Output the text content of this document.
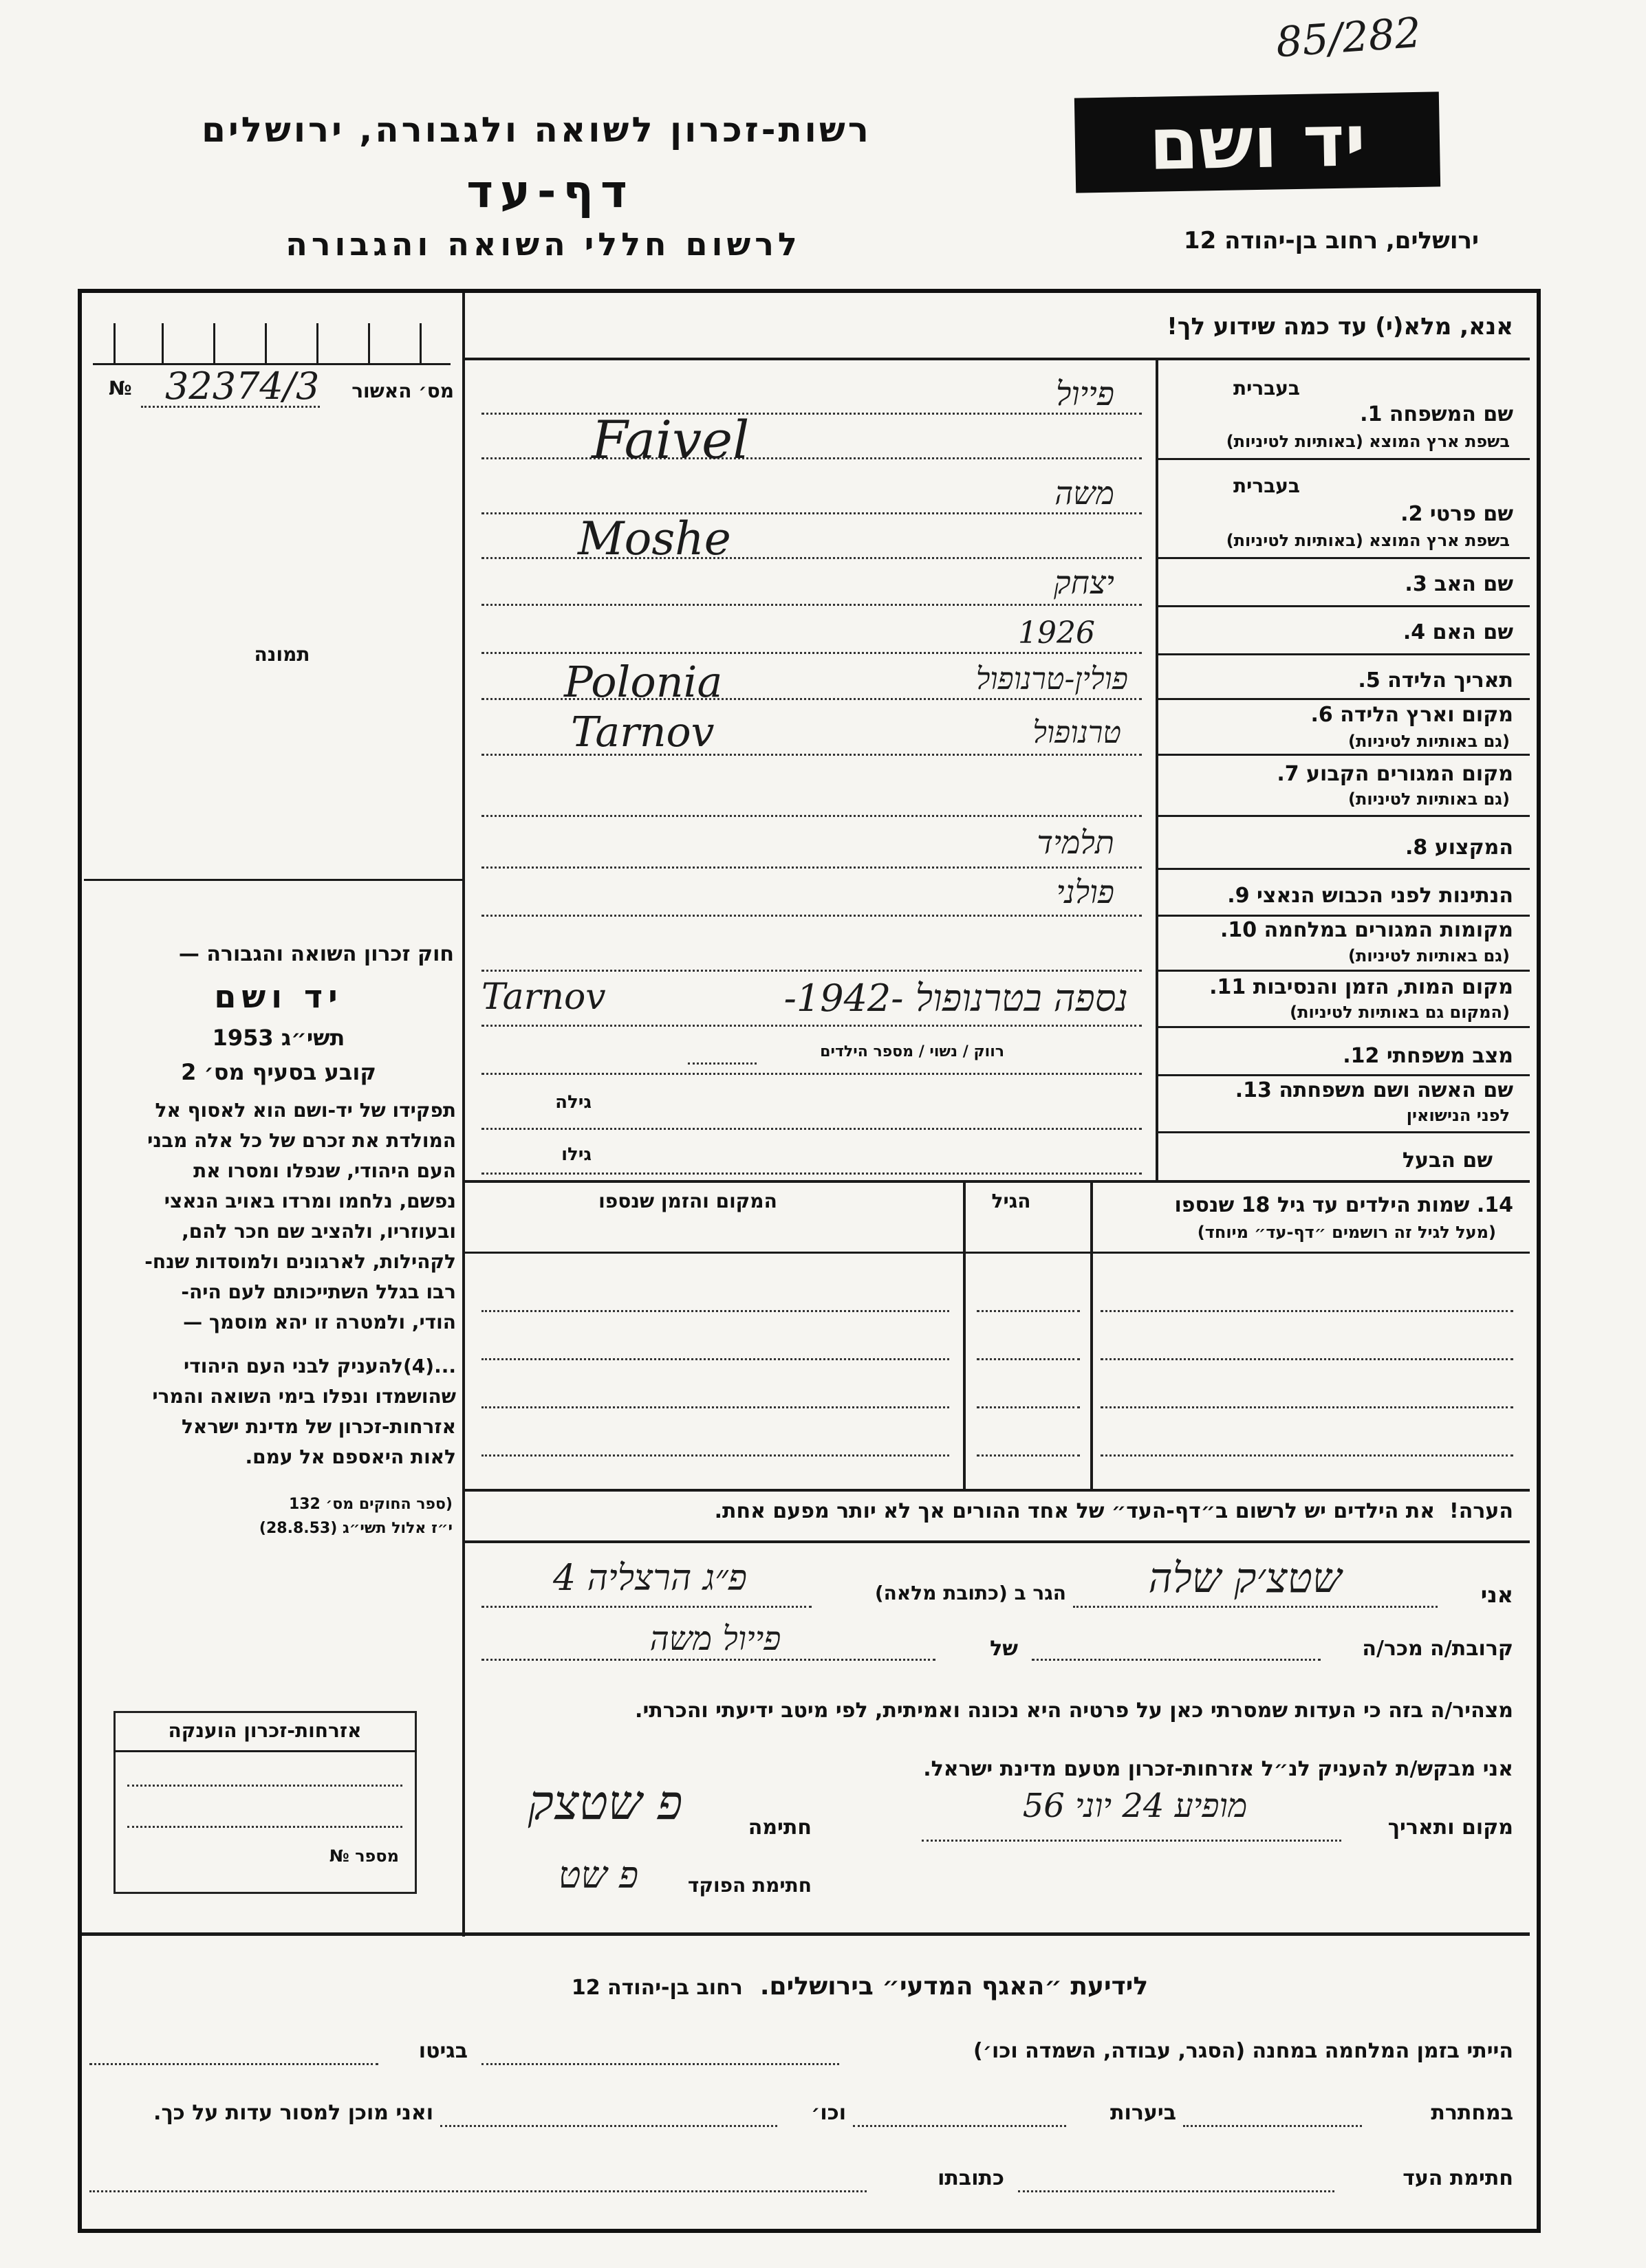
85/282
רשות-זכרון לשואה ולגבורה, ירושלים
דף-עד
לרשום חללי השואה והגבורה
יד ושם
ירושלים, רחוב בן-יהודה 12
№ 32374/3	מס׳ האשור
תמונה
חוק זכרון השואה והגבורה —
יד ושם
תשי״ג 1953
קובע בסעיף מס׳ 2
תפקידו של יד-ושם הוא לאסוף אל
המולדת את זכרם של כל אלה מבני
העם היהודי, שנפלו ומסרו את
נפשם, נלחמו ומרדו באויב הנאצי
ובעוזריו, ולהציב שם חכר להם,
לקהילות, לארגונים ולמוסדות שנח-
רבו בגלל השתייכותם לעם היה-
הודי, ולמטרה זו יהא מוסמך —
...(4)להעניק לבני העם היהודי
שהושמדו ונפלו בימי השואה והמרי
אזרחות-זכרון של מדינת ישראל
לאות היאספם אל עמם.
(ספר החוקים מס׳ 132
י״ז אלול תשי״ג (28.8.53)
אזרחות-זכרון הוענקה
מספר №
אנא, מלא(י) עד כמה שידוע לך!
בעברית
שם המשפחה 1.
בשפת ארץ המוצא (באותיות לטיניות)
בעברית
שם פרטי 2.
בשפת ארץ המוצא (באותיות לטיניות)
שם האב 3.
שם האם 4.
תאריך הלידה 5.
מקום וארץ הלידה 6.
(גם באותיות לטיניות)
מקום המגורים הקבוע 7.
(גם באותיות לטיניות)
המקצוע 8.
הנתינות לפני הכבוש הנאצי 9.
מקומות המגורים במלחמה 10.
(גם באותיות לטיניות)
מקום המות, הזמן והנסיבות 11.
(המקום גם באותיות לטיניות)
מצב משפחתי 12.
שם האשה ושם משפחתה 13.
לפני הנישואין
שם הבעל
פייול
Faivel
משה
Moshe
יצחק
1926
פולין-טרנופול
Polonia
טרנופול
Tarnov
תלמיד
פולני
נספה בטרנופול -1942-
Tarnov
רווק / נשוי / מספר הילדים
גילה
גילו
14. שמות הילדים עד גיל 18 שנספו
(מעל לגיל זה רושמים ״דף-עד״ מיוחד)
הגיל
המקום והזמן שנספו
הערה!  את הילדים יש לרשום ב״דף-העד״ של אחד ההורים אך לא יותר מפעם אחת.
אני
שטצ׳ק שלה
הגר ב (כתובת מלאה)
פ״ג הרצליה 4
קרובת/ה מכר/ה
של
פייול משה
מצהיר/ה בזה כי העדות שמסרתי כאן על פרטיה היא נכונה ואמיתית, לפי מיטב ידיעתי והכרתי.
אני מבקש/ת להעניק לנ״ל אזרחות-זכרון מטעם מדינת ישראל.
מקום ותאריך
מופיע 24 יוני 56
חתימה
פ שטצק
חתימת הפוקד
פ שט
לידיעת ״האגף המדעי״ בירושלים.  רחוב בן-יהודה 12
הייתי בזמן המלחמה במחנה (הסגר, עבודה, השמדה וכו׳)
בגיטו
במחתרת
ביערות
וכו׳
ואני מוכן למסור עדות על כך.
חתימת העד
כתובתו
